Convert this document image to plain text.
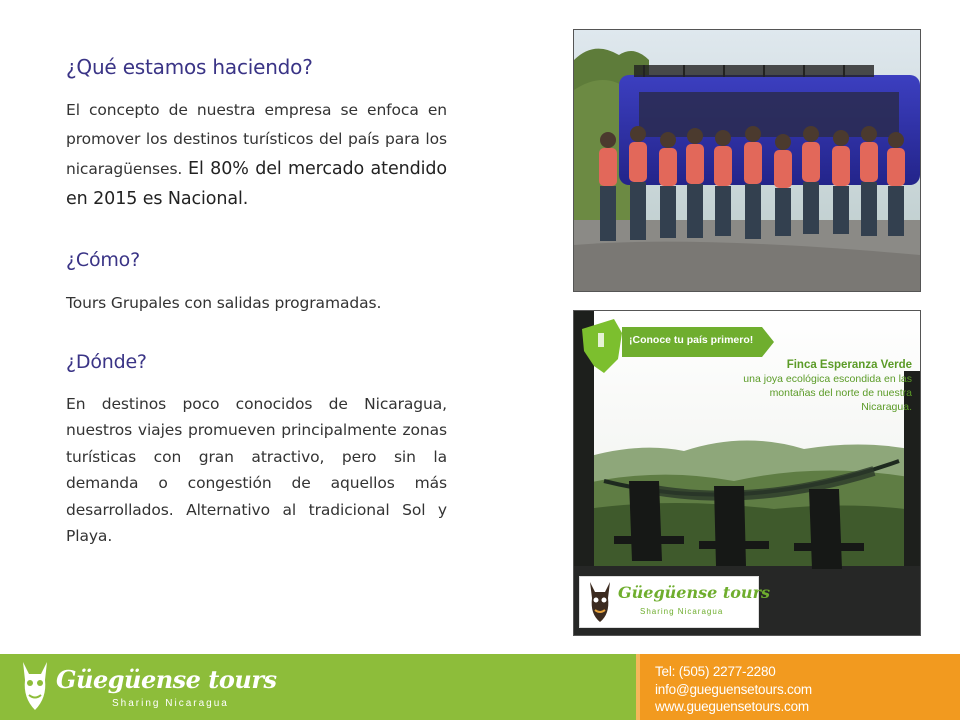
¿Qué estamos haciendo?

El concepto de nuestra empresa se enfoca en promover los destinos turísticos del país para los nicaragüenses. El 80% del mercado atendido en 2015 es Nacional.

¿Cómo?

Tours Grupales con salidas programadas.

¿Dónde?

En destinos poco conocidos de Nicaragua, nuestros viajes promueven principalmente zonas turísticas con gran atractivo, pero sin la demanda o congestión de aquellos más desarrollados. Alternativo al tradicional Sol y Playa.

¡Conoce tu país primero!
Finca Esperanza Verde
una joya ecológica escondida en las
montañas del norte de nuestra
Nicaragua.
Güegüense tours
Sharing Nicaragua
Güegüense tours
Sharing Nicaragua
Tel: (505) 2277-2280
info@gueguensetours.com
www.gueguensetours.com
